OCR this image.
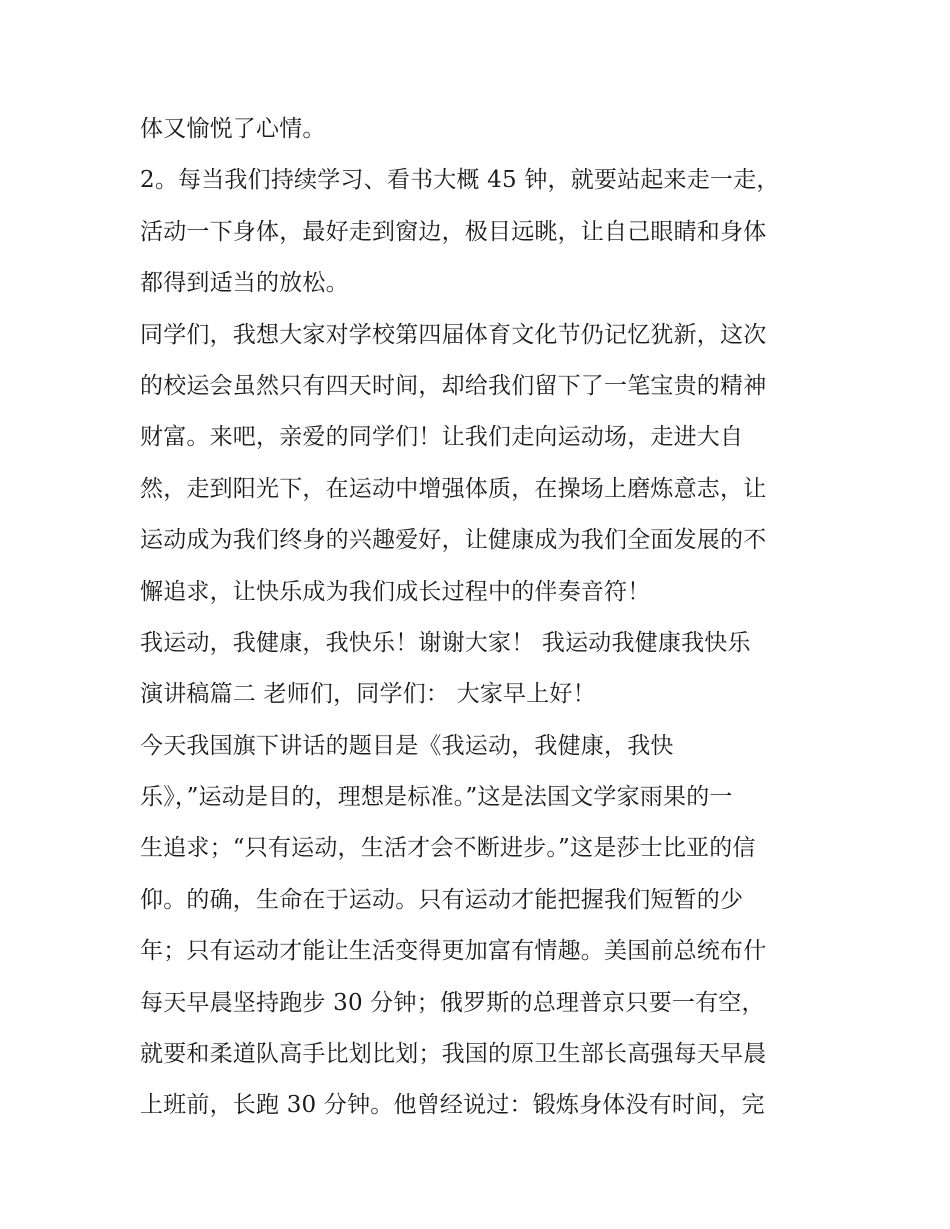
体又愉悦了心情。
2。每当我们持续学习、看书大概 45 钟，就要站起来走一走，
活动一下身体，最好走到窗边，极目远眺，让自己眼睛和身体
都得到适当的放松。
同学们，我想大家对学校第四届体育文化节仍记忆犹新，这次
的校运会虽然只有四天时间，却给我们留下了一笔宝贵的精神
财富。来吧，亲爱的同学们！让我们走向运动场，走进大自
然，走到阳光下，在运动中增强体质，在操场上磨炼意志，让
运动成为我们终身的兴趣爱好，让健康成为我们全面发展的不
懈追求，让快乐成为我们成长过程中的伴奏音符！
我运动，我健康，我快乐！谢谢大家！ 我运动我健康我快乐
演讲稿篇二 老师们，同学们： 大家早上好！
今天我国旗下讲话的题目是《我运动，我健康，我快
乐》，”运动是目的，理想是标准。”这是法国文学家雨果的一
生追求；“只有运动，生活才会不断进步。”这是莎士比亚的信
仰。的确，生命在于运动。只有运动才能把握我们短暂的少
年；只有运动才能让生活变得更加富有情趣。美国前总统布什
每天早晨坚持跑步 30 分钟；俄罗斯的总理普京只要一有空，
就要和柔道队高手比划比划；我国的原卫生部长高强每天早晨
上班前，长跑 30 分钟。他曾经说过：锻炼身体没有时间，完
